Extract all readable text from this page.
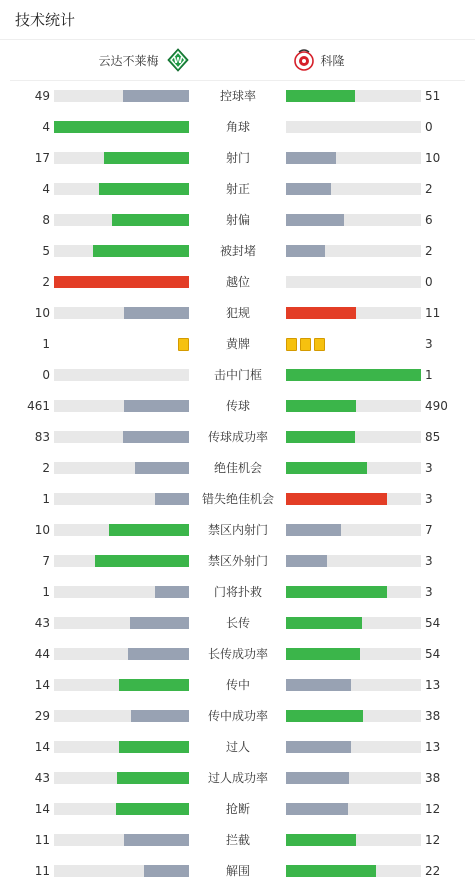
技术统计
云达不莱梅 W	科隆
49	控球率	51
4	角球	0
17	射门	10
4	射正	2
8	射偏	6
5	被封堵	2
2	越位	0
10	犯规	11
1	黄牌	3
0	击中门框	1
461	传球	490
83	传球成功率	85
2	绝佳机会	3
1	错失绝佳机会	3
10	禁区内射门	7
7	禁区外射门	3
1	门将扑救	3
43	长传	54
44	长传成功率	54
14	传中	13
29	传中成功率	38
14	过人	13
43	过人成功率	38
14	抢断	12
11	拦截	12
11	解围	22
